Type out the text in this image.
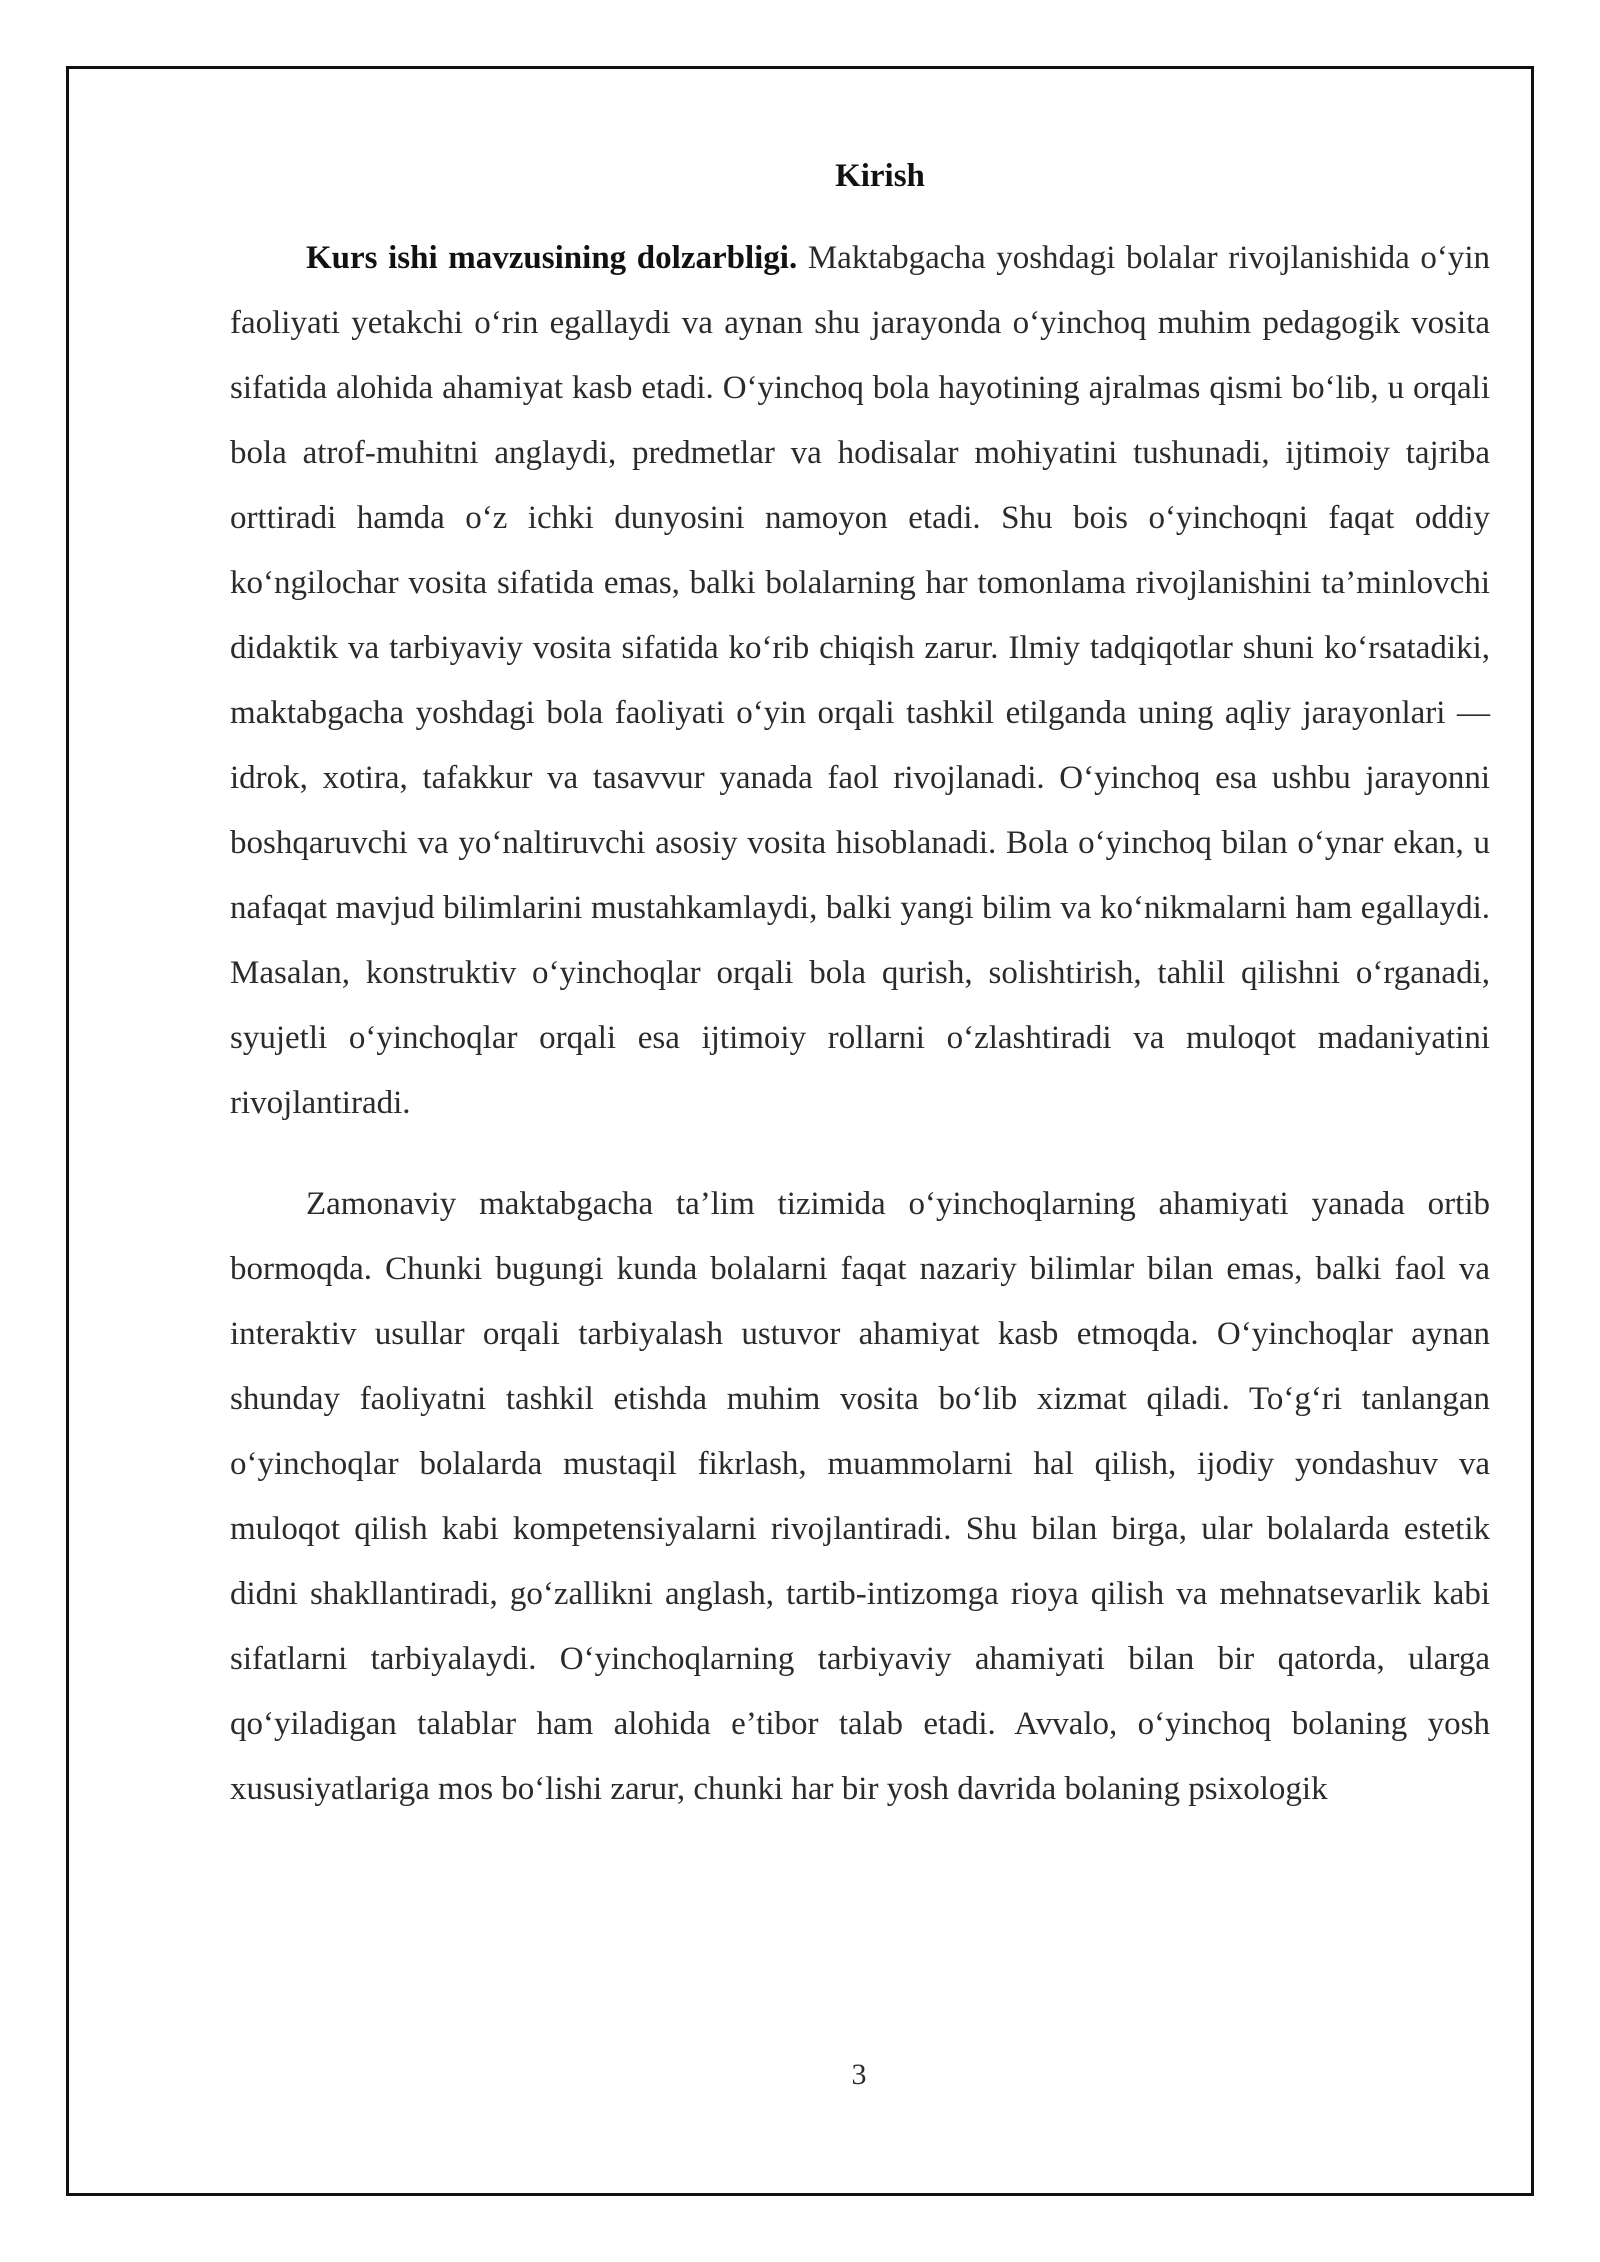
Kirish

Kurs ishi mavzusining dolzarbligi. Maktabgacha yoshdagi bolalar rivojlanishida o‘yin faoliyati yetakchi o‘rin egallaydi va aynan shu jarayonda o‘yinchoq muhim pedagogik vosita sifatida alohida ahamiyat kasb etadi. O‘yinchoq bola hayotining ajralmas qismi bo‘lib, u orqali bola atrof-muhitni anglaydi, predmetlar va hodisalar mohiyatini tushunadi, ijtimoiy tajriba orttiradi hamda o‘z ichki dunyosini namoyon etadi. Shu bois o‘yinchoqni faqat oddiy ko‘ngilochar vosita sifatida emas, balki bolalarning har tomonlama rivojlanishini ta’minlovchi didaktik va tarbiyaviy vosita sifatida ko‘rib chiqish zarur. Ilmiy tadqiqotlar shuni ko‘rsatadiki, maktabgacha yoshdagi bola faoliyati o‘yin orqali tashkil etilganda uning aqliy jarayonlari — idrok, xotira, tafakkur va tasavvur yanada faol rivojlanadi. O‘yinchoq esa ushbu jarayonni boshqaruvchi va yo‘naltiruvchi asosiy vosita hisoblanadi. Bola o‘yinchoq bilan o‘ynar ekan, u nafaqat mavjud bilimlarini mustahkamlaydi, balki yangi bilim va ko‘nikmalarni ham egallaydi. Masalan, konstruktiv o‘yinchoqlar orqali bola qurish, solishtirish, tahlil qilishni o‘rganadi, syujetli o‘yinchoqlar orqali esa ijtimoiy rollarni o‘zlashtiradi va muloqot madaniyatini rivojlantiradi.

Zamonaviy maktabgacha ta’lim tizimida o‘yinchoqlarning ahamiyati yanada ortib bormoqda. Chunki bugungi kunda bolalarni faqat nazariy bilimlar bilan emas, balki faol va interaktiv usullar orqali tarbiyalash ustuvor ahamiyat kasb etmoqda. O‘yinchoqlar aynan shunday faoliyatni tashkil etishda muhim vosita bo‘lib xizmat qiladi. To‘g‘ri tanlangan o‘yinchoqlar bolalarda mustaqil fikrlash, muammolarni hal qilish, ijodiy yondashuv va muloqot qilish kabi kompetensiyalarni rivojlantiradi. Shu bilan birga, ular bolalarda estetik didni shakllantiradi, go‘zallikni anglash, tartib-intizomga rioya qilish va mehnatsevarlik kabi sifatlarni tarbiyalaydi. O‘yinchoqlarning tarbiyaviy ahamiyati bilan bir qatorda, ularga qo‘yiladigan talablar ham alohida e’tibor talab etadi. Avvalo, o‘yinchoq bolaning yosh xususiyatlariga mos bo‘lishi zarur, chunki har bir yosh davrida bolaning psixologik

3
